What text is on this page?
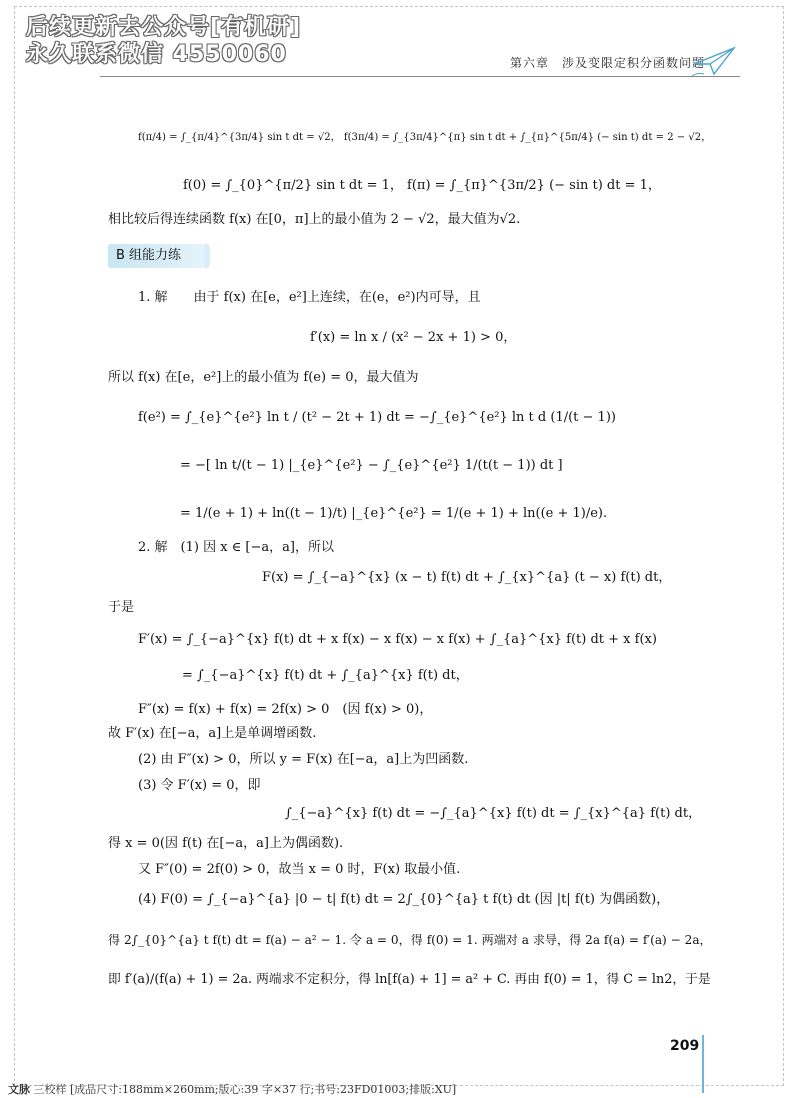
后续更新去公众号[有机研]
永久联系微信 4550060	第六章　涉及变限定积分函数问题
B 组能力练
f(π/4) = ∫_{π/4}^{3π/4} sin t dt = √2， f(3π/4) = ∫_{3π/4}^{π} sin t dt + ∫_{π}^{5π/4} (− sin t) dt = 2 − √2，
f(0) = ∫_{0}^{π/2} sin t dt = 1， f(π) = ∫_{π}^{3π/2} (− sin t) dt = 1，
相比较后得连续函数 f(x) 在[0，π]上的最小值为 2 − √2，最大值为√2.
1. 解　　由于 f(x) 在[e，e²]上连续，在(e，e²)内可导，且
f′(x) = ln x / (x² − 2x + 1) > 0，
所以 f(x) 在[e，e²]上的最小值为 f(e) = 0，最大值为
f(e²) = ∫_{e}^{e²} ln t / (t² − 2t + 1) dt = −∫_{e}^{e²} ln t d (1/(t − 1))
= −[ ln t/(t − 1) |_{e}^{e²} − ∫_{e}^{e²} 1/(t(t − 1)) dt ]
= 1/(e + 1) + ln((t − 1)/t) |_{e}^{e²} = 1/(e + 1) + ln((e + 1)/e).
2. 解　(1) 因 x ∈ [−a，a]，所以
F(x) = ∫_{−a}^{x} (x − t) f(t) dt + ∫_{x}^{a} (t − x) f(t) dt，
于是
F′(x) = ∫_{−a}^{x} f(t) dt + x f(x) − x f(x) − x f(x) + ∫_{a}^{x} f(t) dt + x f(x)
= ∫_{−a}^{x} f(t) dt + ∫_{a}^{x} f(t) dt，
F″(x) = f(x) + f(x) = 2f(x) > 0　(因 f(x) > 0)，
故 F′(x) 在[−a，a]上是单调增函数.
(2) 由 F″(x) > 0，所以 y = F(x) 在[−a，a]上为凹函数.
(3) 令 F′(x) = 0，即
∫_{−a}^{x} f(t) dt = −∫_{a}^{x} f(t) dt = ∫_{x}^{a} f(t) dt，
得 x = 0(因 f(t) 在[−a，a]上为偶函数).
又 F″(0) = 2f(0) > 0，故当 x = 0 时，F(x) 取最小值.
(4) F(0) = ∫_{−a}^{a} |0 − t| f(t) dt = 2∫_{0}^{a} t f(t) dt (因 |t| f(t) 为偶函数)，
得 2∫_{0}^{a} t f(t) dt = f(a) − a² − 1. 令 a = 0，得 f(0) = 1. 两端对 a 求导，得 2a f(a) = f′(a) − 2a，
即 f′(a)/(f(a) + 1) = 2a. 两端求不定积分，得 ln[f(a) + 1] = a² + C. 再由 f(0) = 1，得 C = ln2，于是
209
文脉 三校样 [成品尺寸:188mm×260mm;版心:39 字×37 行;书号:23FD01003;排版:XU]
